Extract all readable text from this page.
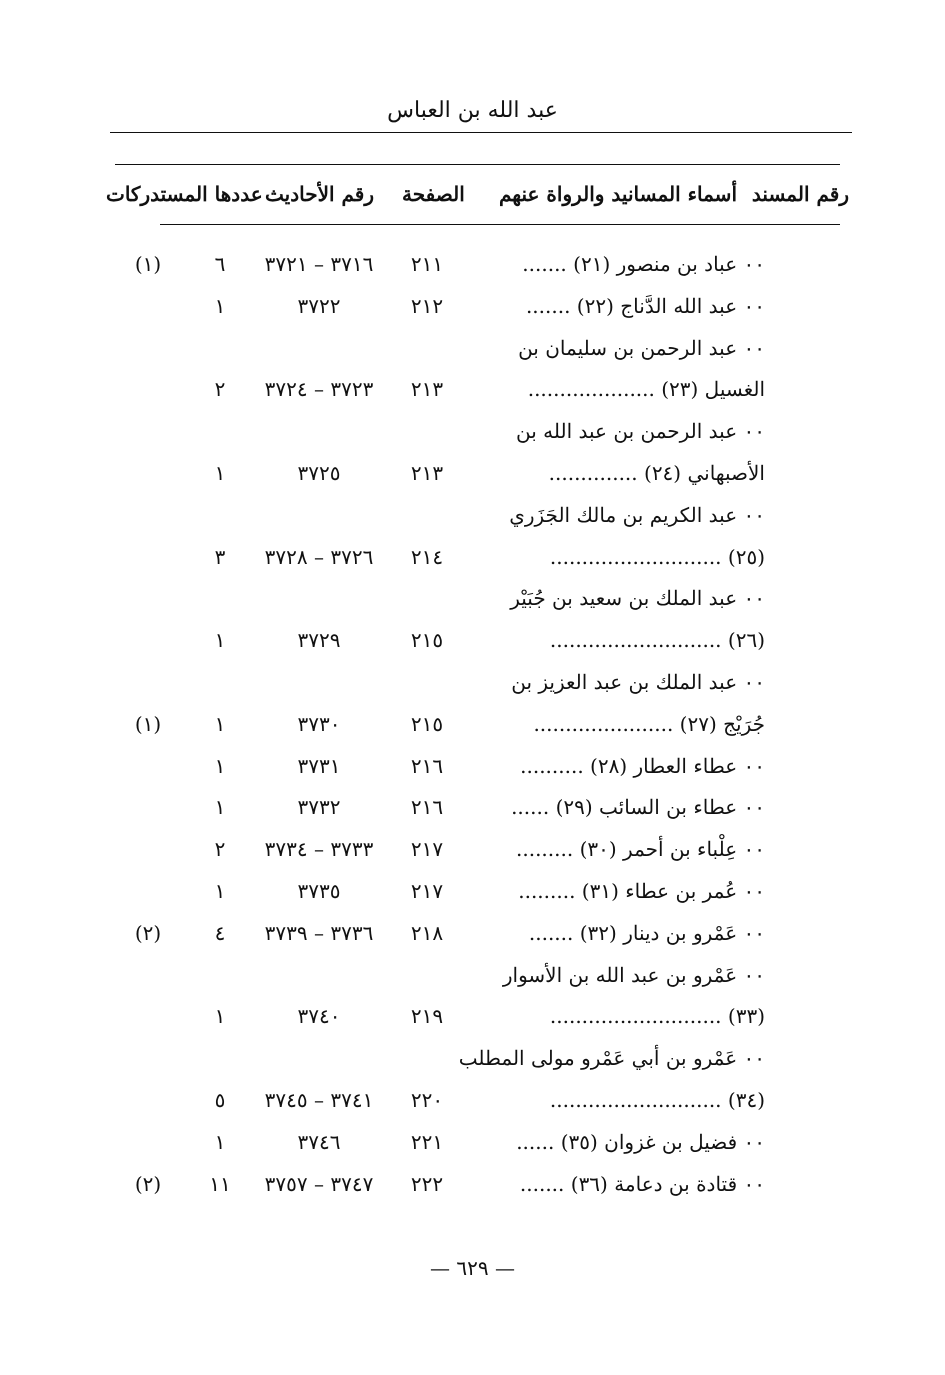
عبد الله بن العباس
رقم المسند
أسماء المسانيد والرواة عنهم
الصفحة
رقم الأحاديث
عددها المستدركات
٠٠ عباد بن منصور (٢١) .......
٢١١
٣٧١٦ – ٣٧٢١
٦
(١)
٠٠ عبد الله الدَّناج (٢٢) .......
٢١٢
٣٧٢٢
١
٠٠ عبد الرحمن بن سليمان بن
الغسيل (٢٣) ....................
٢١٣
٣٧٢٣ – ٣٧٢٤
٢
٠٠ عبد الرحمن بن عبد الله بن
الأصبهاني (٢٤) ..............
٢١٣
٣٧٢٥
١
٠٠ عبد الكريم بن مالك الجَزَري
(٢٥) ...........................
٢١٤
٣٧٢٦ – ٣٧٢٨
٣
٠٠ عبد الملك بن سعيد بن جُبَيْر
(٢٦) ...........................
٢١٥
٣٧٢٩
١
٠٠ عبد الملك بن عبد العزيز بن
جُرَيْج (٢٧) ......................
٢١٥
٣٧٣٠
١
(١)
٠٠ عطاء العطار (٢٨) ..........
٢١٦
٣٧٣١
١
٠٠ عطاء بن السائب (٢٩) ......
٢١٦
٣٧٣٢
١
٠٠ عِلْباء بن أحمر (٣٠) .........
٢١٧
٣٧٣٣ – ٣٧٣٤
٢
٠٠ عُمر بن عطاء (٣١) .........
٢١٧
٣٧٣٥
١
٠٠ عَمْرو بن دينار (٣٢) .......
٢١٨
٣٧٣٦ – ٣٧٣٩
٤
(٢)
٠٠ عَمْرو بن عبد الله بن الأسوار
(٣٣) ...........................
٢١٩
٣٧٤٠
١
٠٠ عَمْرو بن أبي عَمْرو مولى المطلب
(٣٤) ...........................
٢٢٠
٣٧٤١ – ٣٧٤٥
٥
٠٠ فضيل بن غزوان (٣٥) ......
٢٢١
٣٧٤٦
١
٠٠ قتادة بن دعامة (٣٦) .......
٢٢٢
٣٧٤٧ – ٣٧٥٧
١١
(٢)
— ٦٢٩ —
